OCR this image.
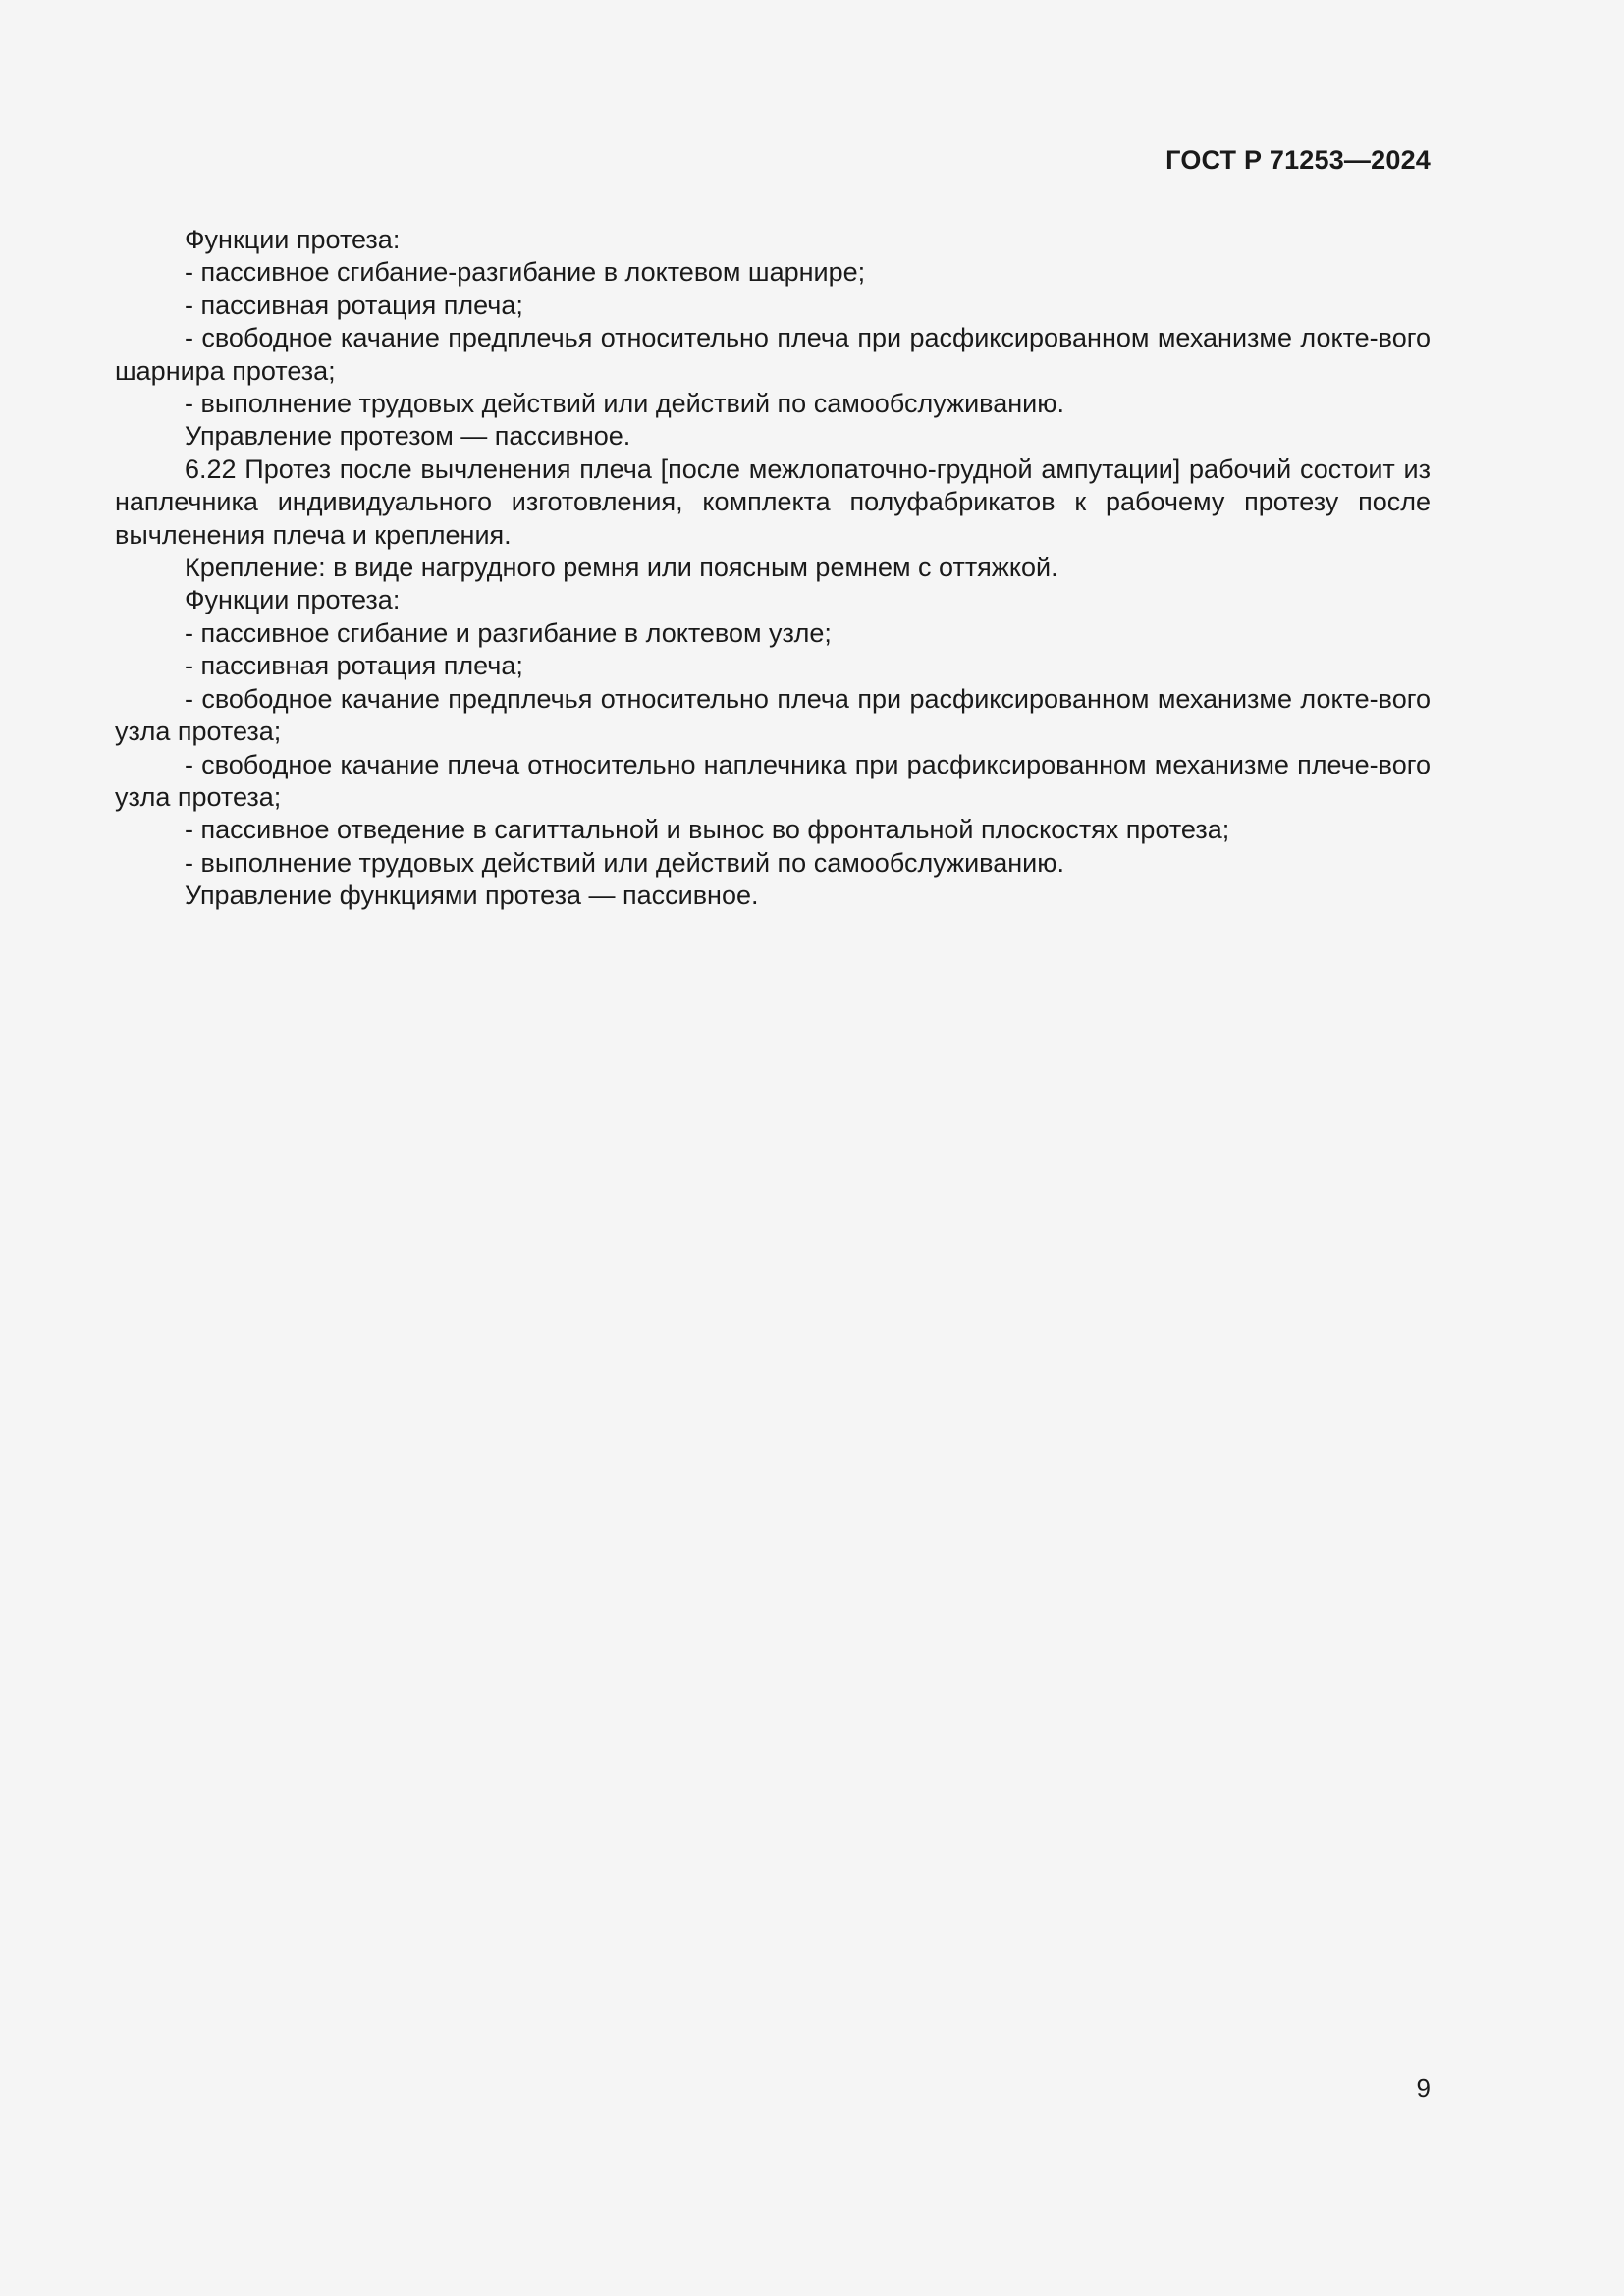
ГОСТ Р 71253—2024

Функции протеза:

- пассивное сгибание-разгибание в локтевом шарнире;

- пассивная ротация плеча;

- свободное качание предплечья относительно плеча при расфиксированном механизме локте-вого шарнира протеза;

- выполнение трудовых действий или действий по самообслуживанию.

Управление протезом — пассивное.

6.22 Протез после вычленения плеча [после межлопаточно-грудной ампутации] рабочий состоит из наплечника индивидуального изготовления, комплекта полуфабрикатов к рабочему протезу после вычленения плеча и крепления.

Крепление: в виде нагрудного ремня или поясным ремнем с оттяжкой.

Функции протеза:

- пассивное сгибание и разгибание в локтевом узле;

- пассивная ротация плеча;

- свободное качание предплечья относительно плеча при расфиксированном механизме локте-вого узла протеза;

- свободное качание плеча относительно наплечника при расфиксированном механизме плече-вого узла протеза;

- пассивное отведение в сагиттальной и вынос во фронтальной плоскостях протеза;

- выполнение трудовых действий или действий по самообслуживанию.

Управление функциями протеза — пассивное.

9
